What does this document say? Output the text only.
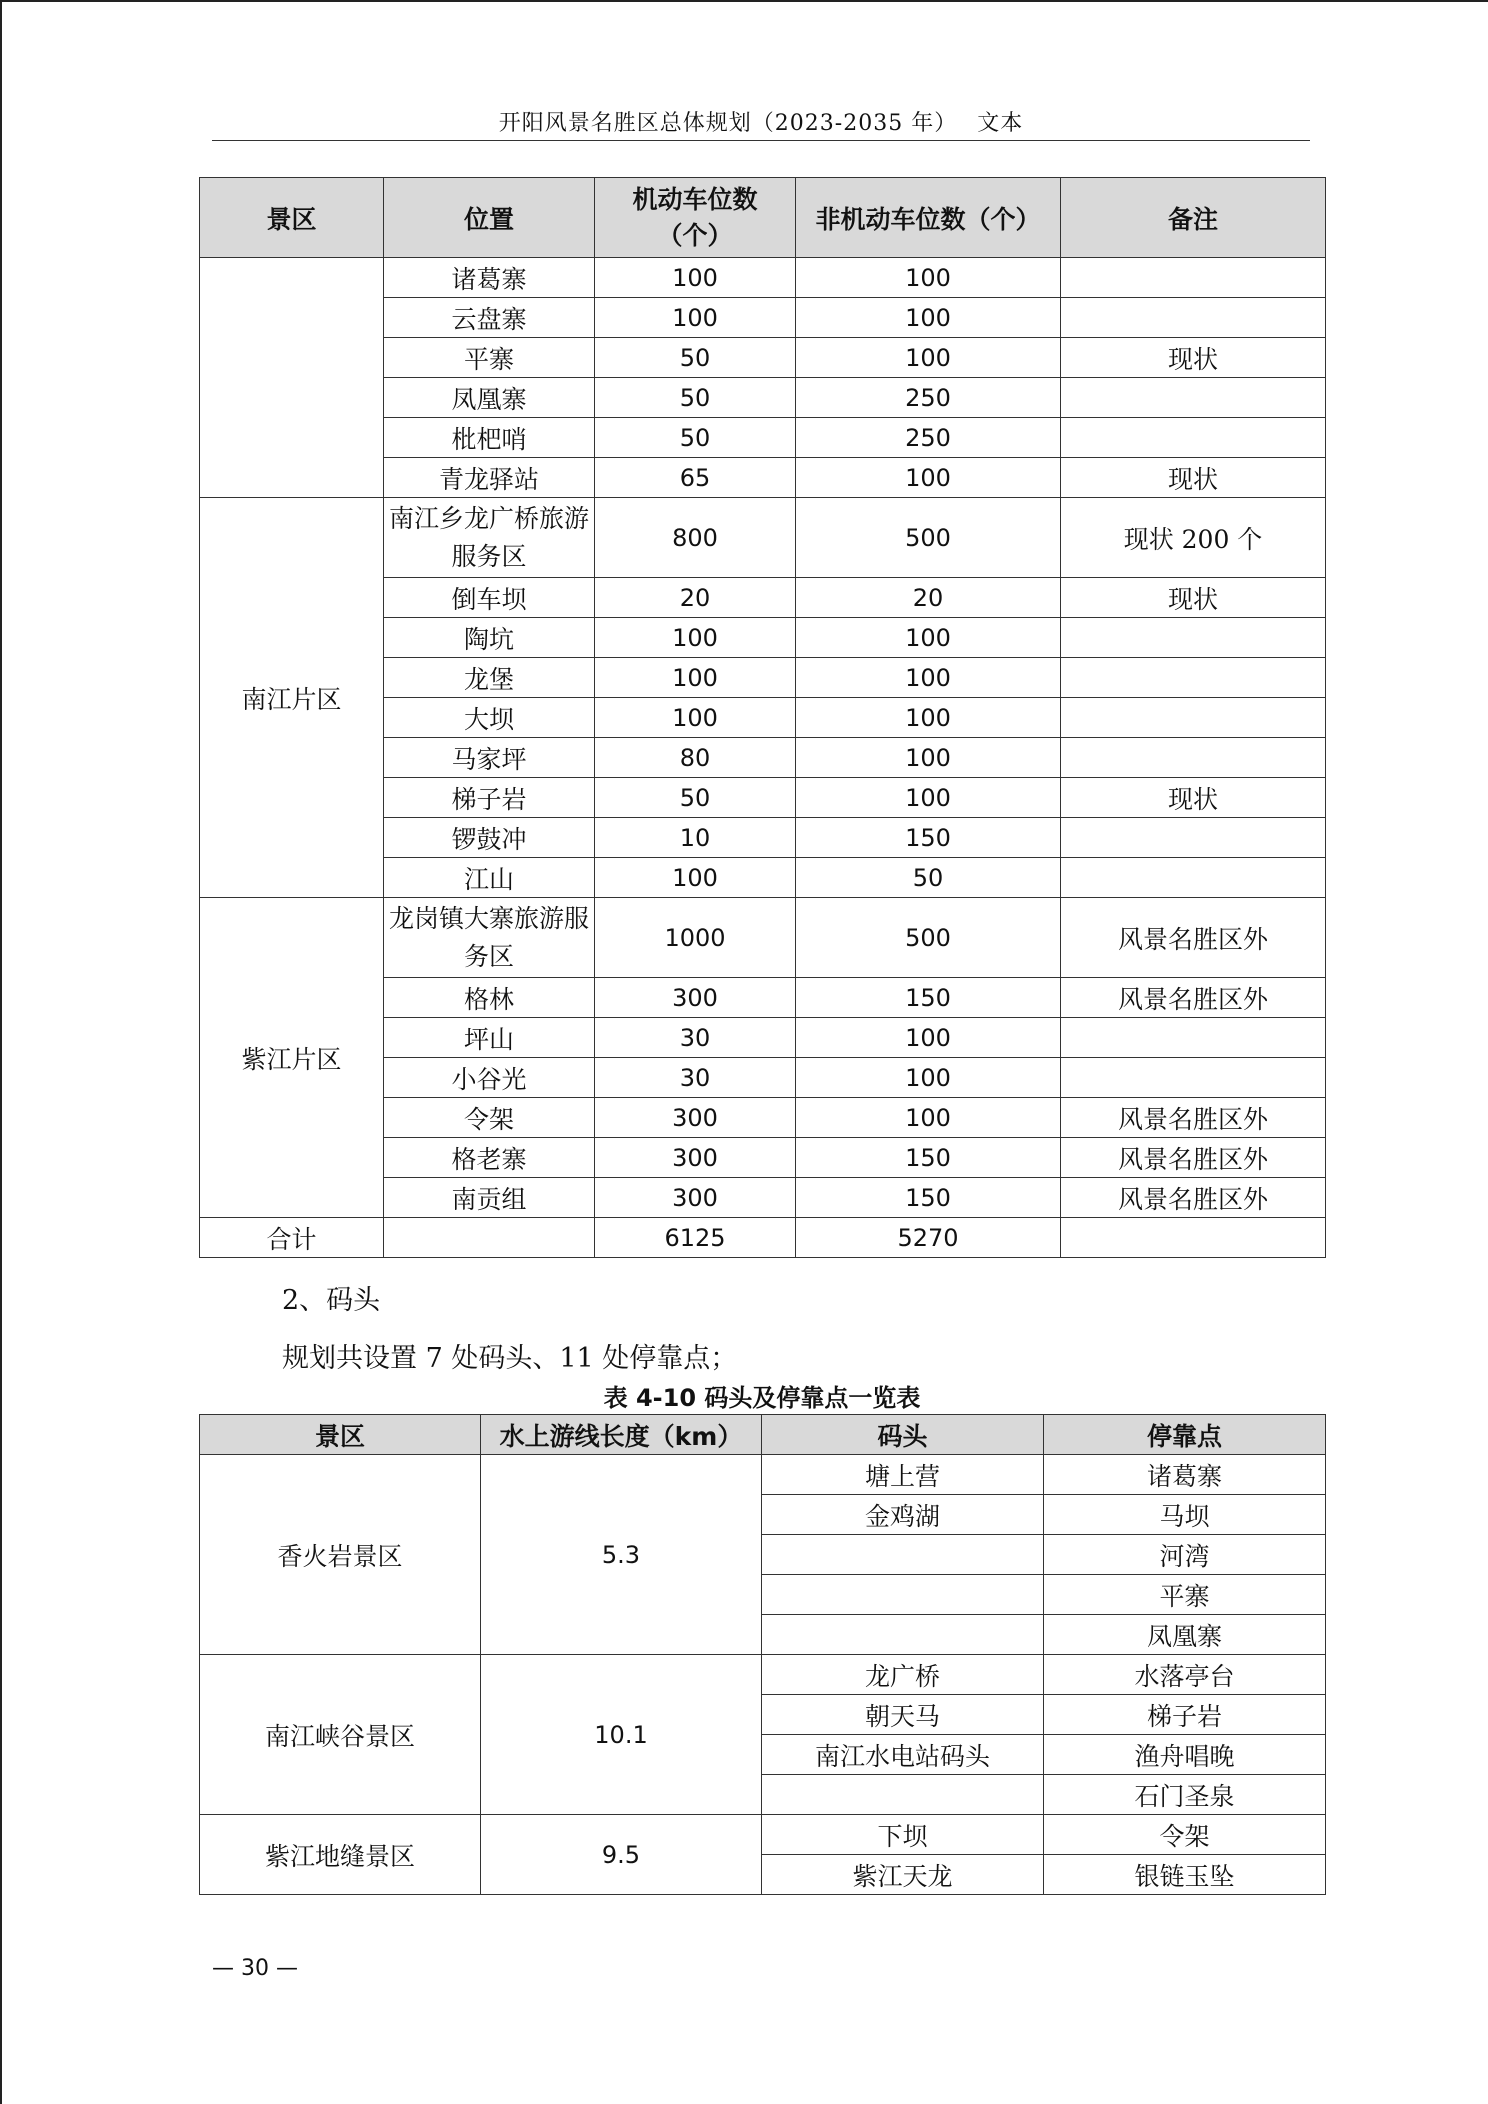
开阳风景名胜区总体规划（2023-2035 年）　 文本
景区	位置	机动车位数（个）	非机动车位数（个）	备注
	诸葛寨	100	100	
	云盘寨	100	100	
	平寨	50	100	现状
	凤凰寨	50	250	
	枇杷哨	50	250	
	青龙驿站	65	100	现状
南江片区	南江乡龙广桥旅游服务区	800	500	现状 200 个
	倒车坝	20	20	现状
	陶坑	100	100	
	龙堡	100	100	
	大坝	100	100	
	马家坪	80	100	
	梯子岩	50	100	现状
	锣鼓冲	10	150	
	江山	100	50	
紫江片区	龙岗镇大寨旅游服务区	1000	500	风景名胜区外
	格林	300	150	风景名胜区外
	坪山	30	100	
	小谷光	30	100	
	令架	300	100	风景名胜区外
	格老寨	300	150	风景名胜区外
	南贡组	300	150	风景名胜区外
合计		6125	5270	
2、码头
规划共设置 7 处码头、11 处停靠点；
表 4-10 码头及停靠点一览表
景区	水上游线长度（km）	码头	停靠点
香火岩景区	5.3	塘上营	诸葛寨
		金鸡湖	马坝
			河湾
			平寨
			凤凰寨
南江峡谷景区	10.1	龙广桥	水落亭台
		朝天马	梯子岩
		南江水电站码头	渔舟唱晚
			石门圣泉
紫江地缝景区	9.5	下坝	令架
		紫江天龙	银链玉坠
— 30 —
